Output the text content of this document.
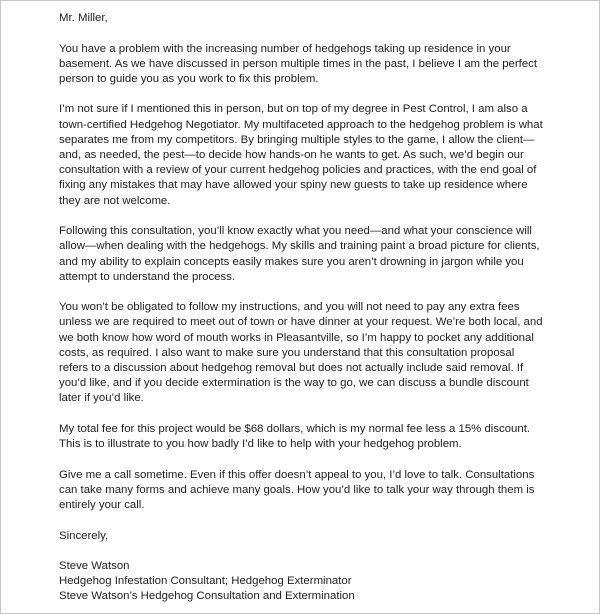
Mr. Miller,

You have a problem with the increasing number of hedgehogs taking up residence in your
basement. As we have discussed in person multiple times in the past, I believe I am the perfect
person to guide you as you work to fix this problem.

I’m not sure if I mentioned this in person, but on top of my degree in Pest Control, I am also a
town-certified Hedgehog Negotiator. My multifaceted approach to the hedgehog problem is what
separates me from my competitors. By bringing multiple styles to the game, I allow the client—
and, as needed, the pest—to decide how hands-on he wants to get. As such, we’d begin our
consultation with a review of your current hedgehog policies and practices, with the end goal of
fixing any mistakes that may have allowed your spiny new guests to take up residence where
they are not welcome.

Following this consultation, you’ll know exactly what you need—and what your conscience will
allow—when dealing with the hedgehogs. My skills and training paint a broad picture for clients,
and my ability to explain concepts easily makes sure you aren’t drowning in jargon while you
attempt to understand the process.

You won’t be obligated to follow my instructions, and you will not need to pay any extra fees
unless we are required to meet out of town or have dinner at your request. We’re both local, and
we both know how word of mouth works in Pleasantville, so I’m happy to pocket any additional
costs, as required. I also want to make sure you understand that this consultation proposal
refers to a discussion about hedgehog removal but does not actually include said removal. If
you’d like, and if you decide extermination is the way to go, we can discuss a bundle discount
later if you’d like.

My total fee for this project would be $68 dollars, which is my normal fee less a 15% discount.
This is to illustrate to you how badly I’d like to help with your hedgehog problem.

Give me a call sometime. Even if this offer doesn’t appeal to you, I’d love to talk. Consultations
can take many forms and achieve many goals. How you’d like to talk your way through them is
entirely your call.

Sincerely,

Steve Watson
Hedgehog Infestation Consultant; Hedgehog Exterminator
Steve Watson’s Hedgehog Consultation and Extermination
